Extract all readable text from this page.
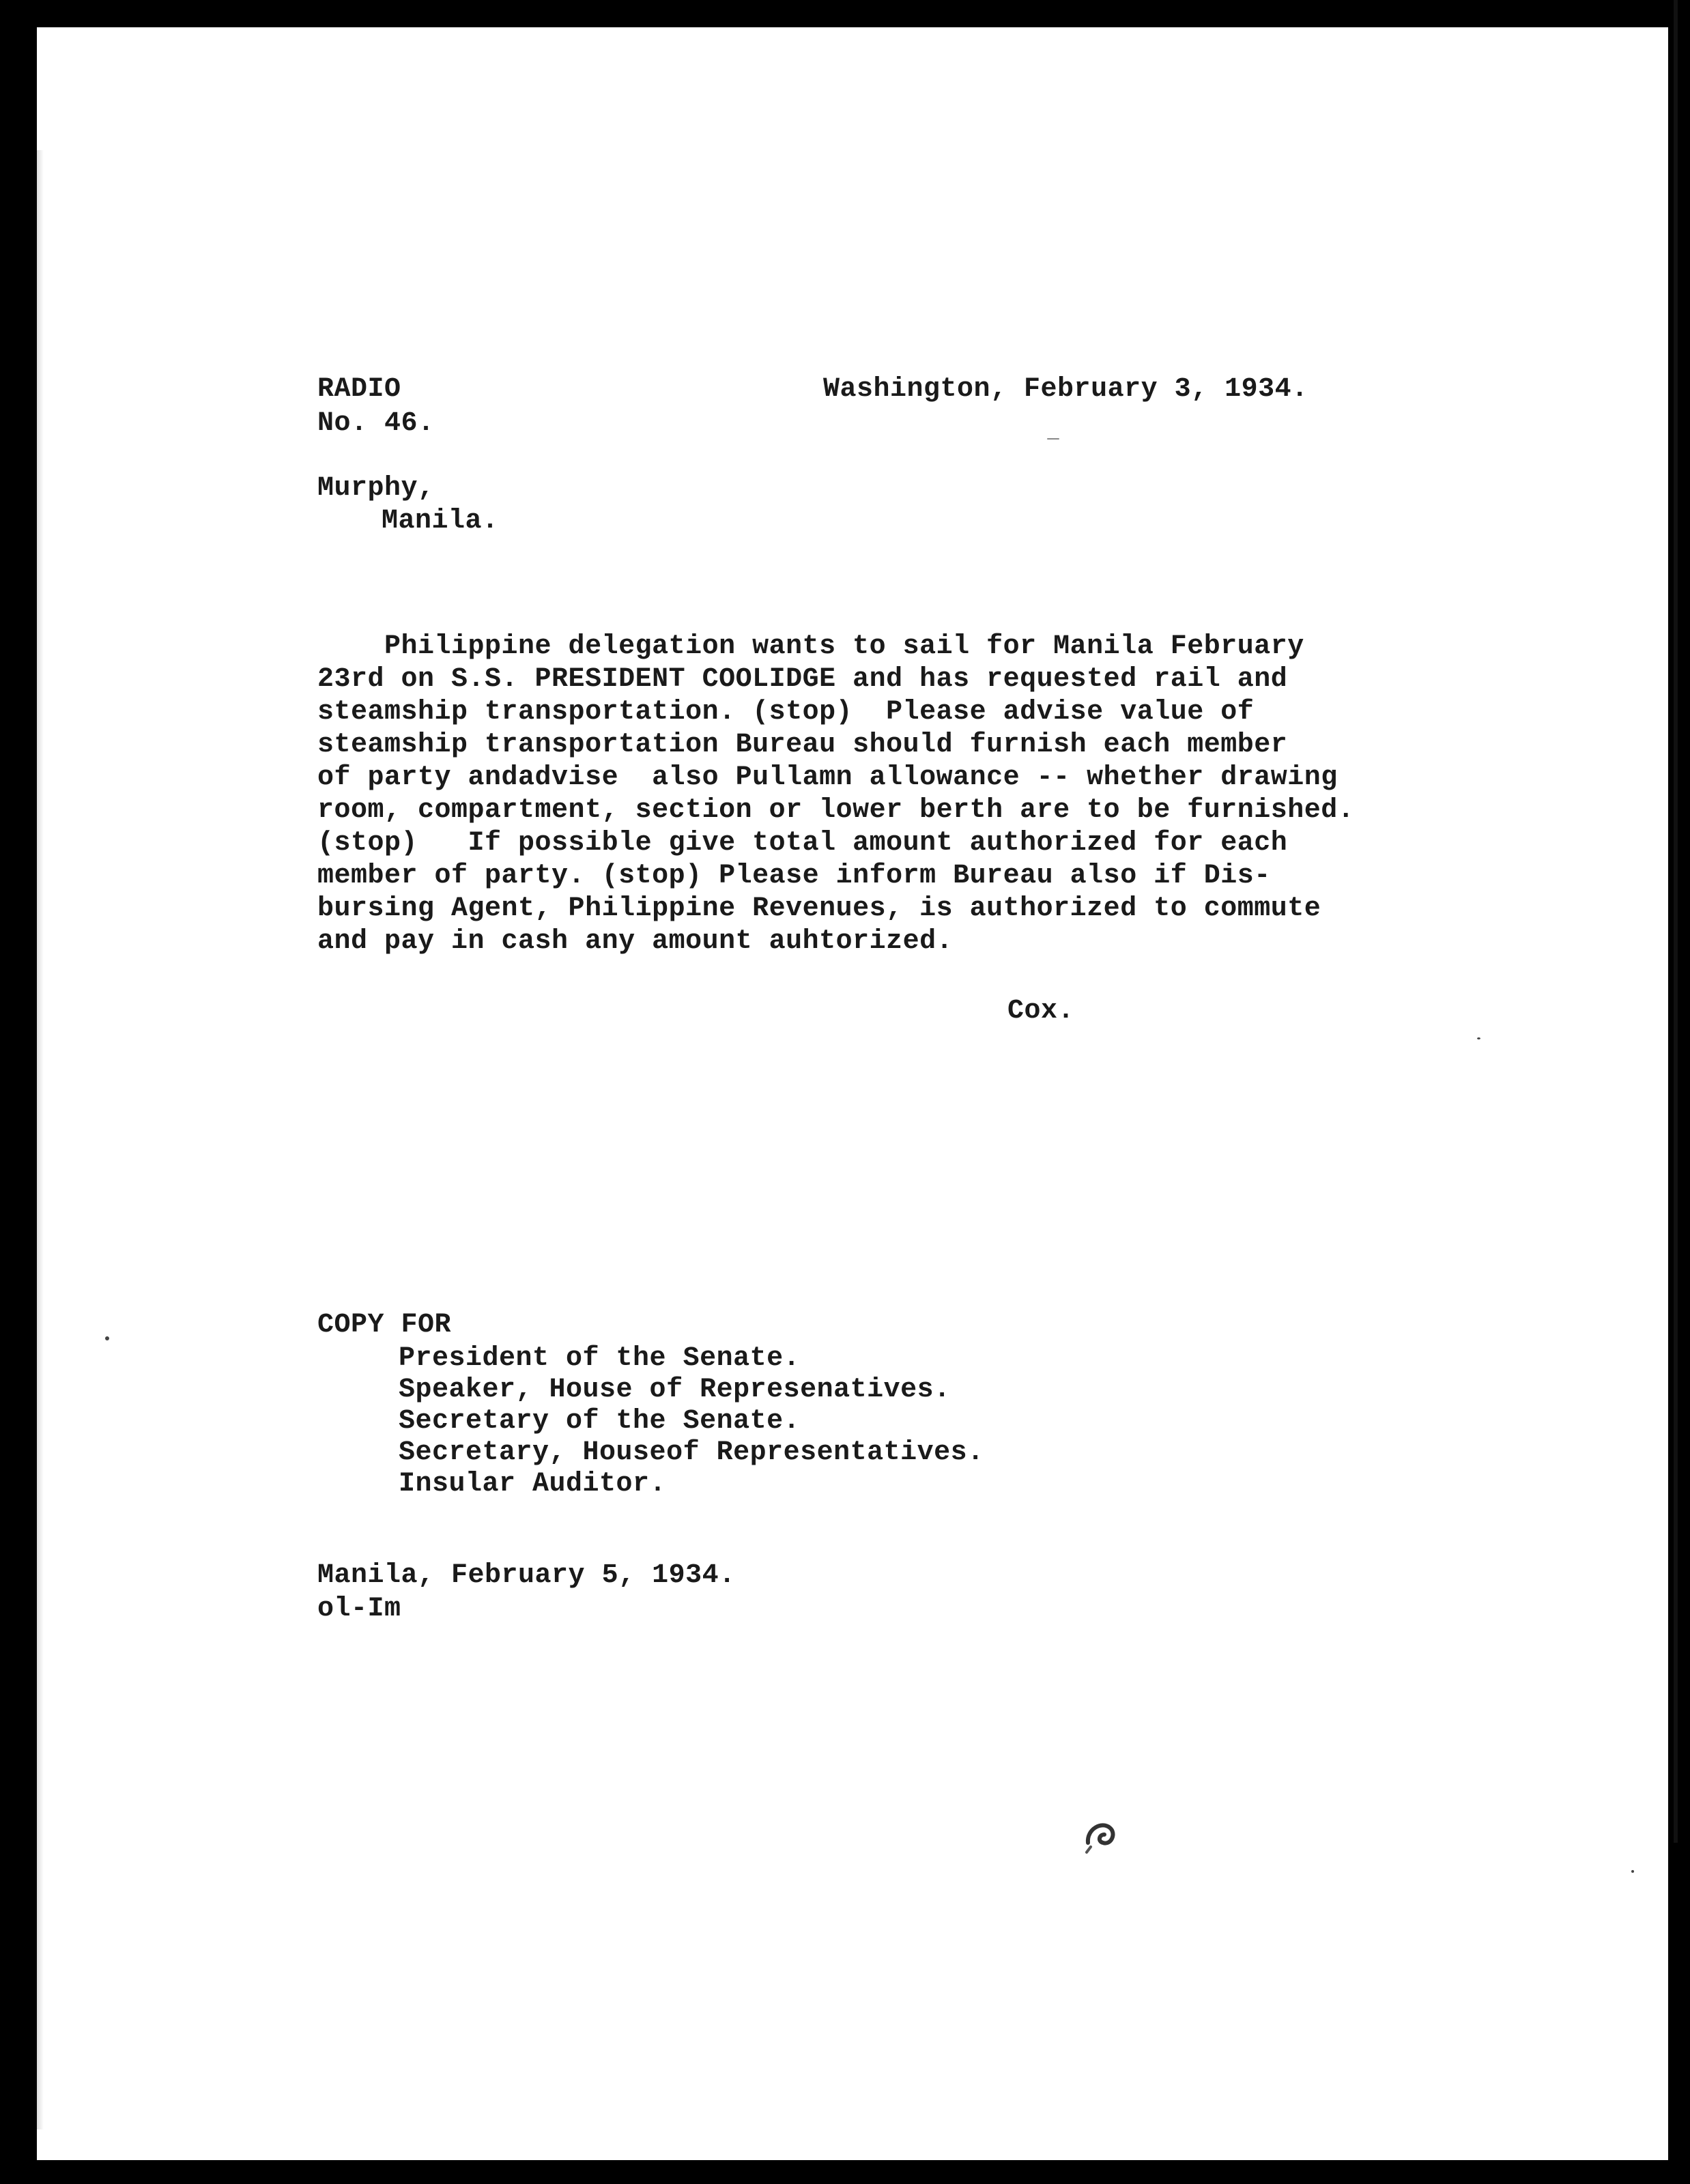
RADIO
No. 46.
Washington, February 3, 1934.
Murphy,
Manila.
Philippine delegation wants to sail for Manila February
23rd on S.S. PRESIDENT COOLIDGE and has requested rail and
steamship transportation. (stop)  Please advise value of
steamship transportation Bureau should furnish each member
of party andadvise  also Pullamn allowance -- whether drawing
room, compartment, section or lower berth are to be furnished.
(stop)   If possible give total amount authorized for each
member of party. (stop) Please inform Bureau also if Dis-
bursing Agent, Philippine Revenues, is authorized to commute
and pay in cash any amount auhtorized.
Cox.
COPY FOR
President of the Senate.
Speaker, House of Represenatives.
Secretary of the Senate.
Secretary, Houseof Representatives.
Insular Auditor.
Manila, February 5, 1934.
ol-Im
